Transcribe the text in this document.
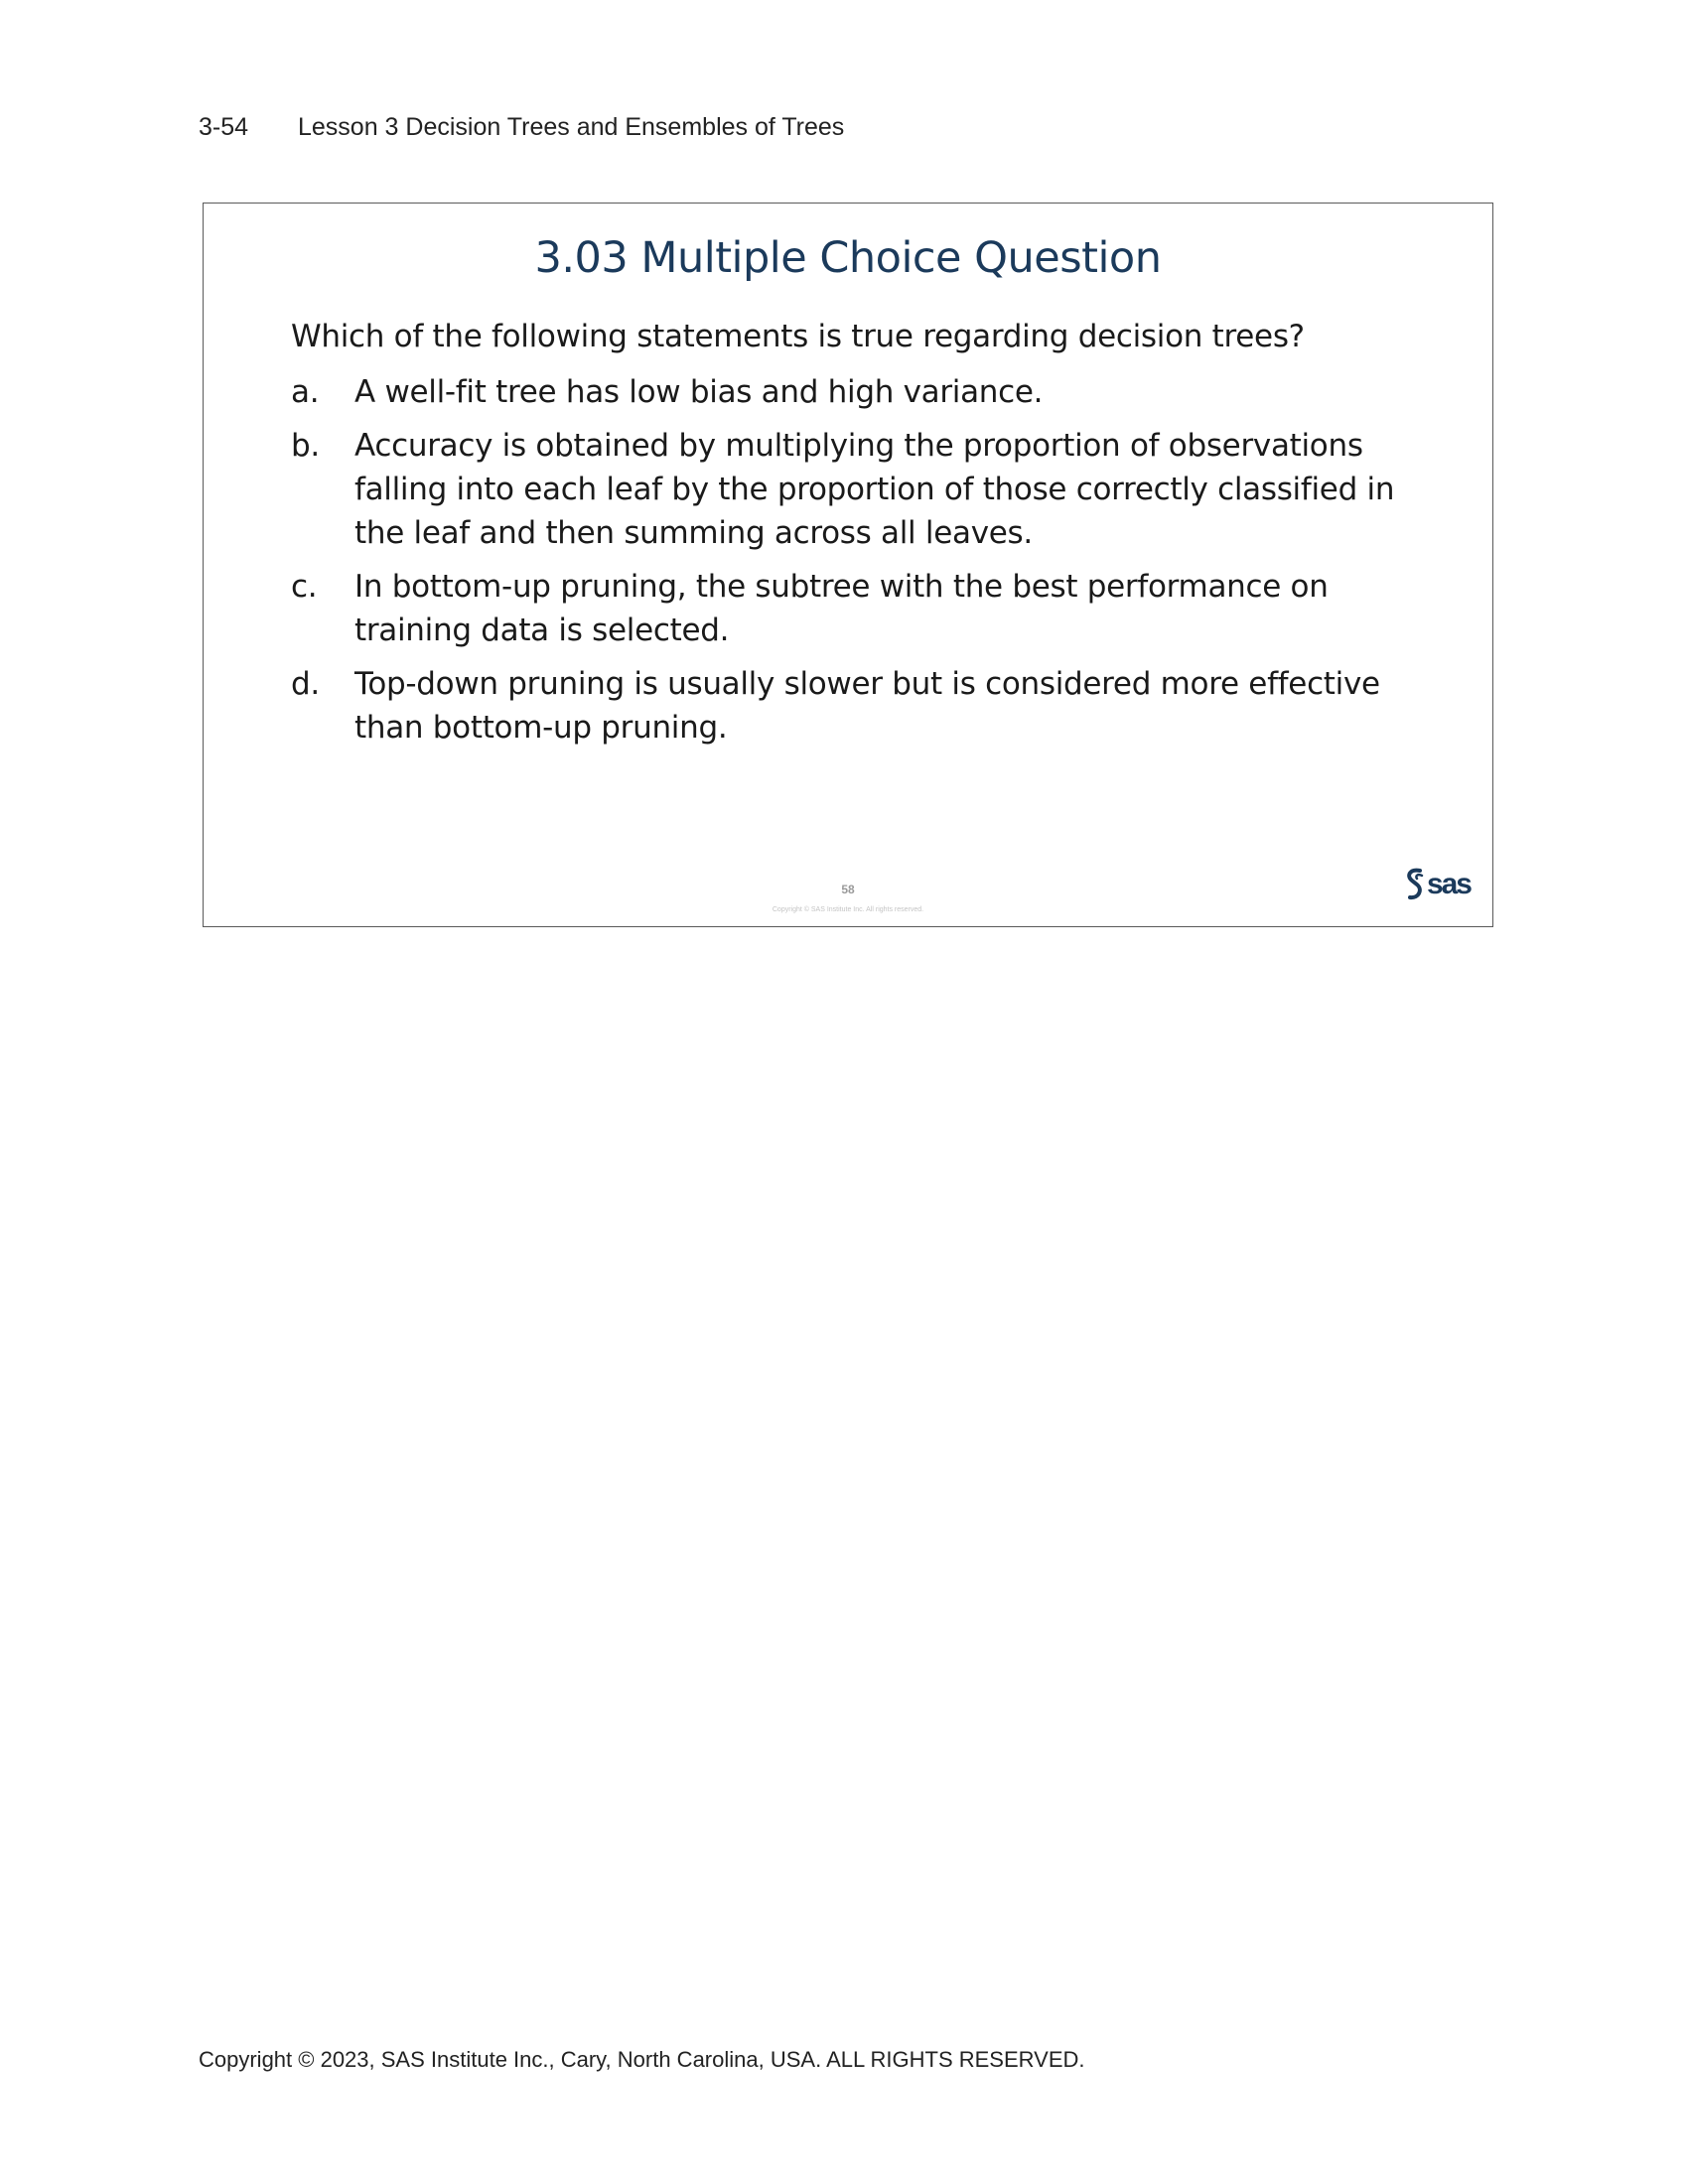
3-54 Lesson 3 Decision Trees and Ensembles of Trees
3.03 Multiple Choice Question
Which of the following statements is true regarding decision trees?
a.	A well-fit tree has low bias and high variance.
b.	Accuracy is obtained by multiplying the proportion of observations falling into each leaf by the proportion of those correctly classified in the leaf and then summing across all leaves.
c.	In bottom-up pruning, the subtree with the best performance on training data is selected.
d.	Top-down pruning is usually slower but is considered more effective than bottom-up pruning.
58
Copyright © SAS Institute Inc. All rights reserved.
sas
Copyright © 2023, SAS Institute Inc., Cary, North Carolina, USA. ALL RIGHTS RESERVED.
